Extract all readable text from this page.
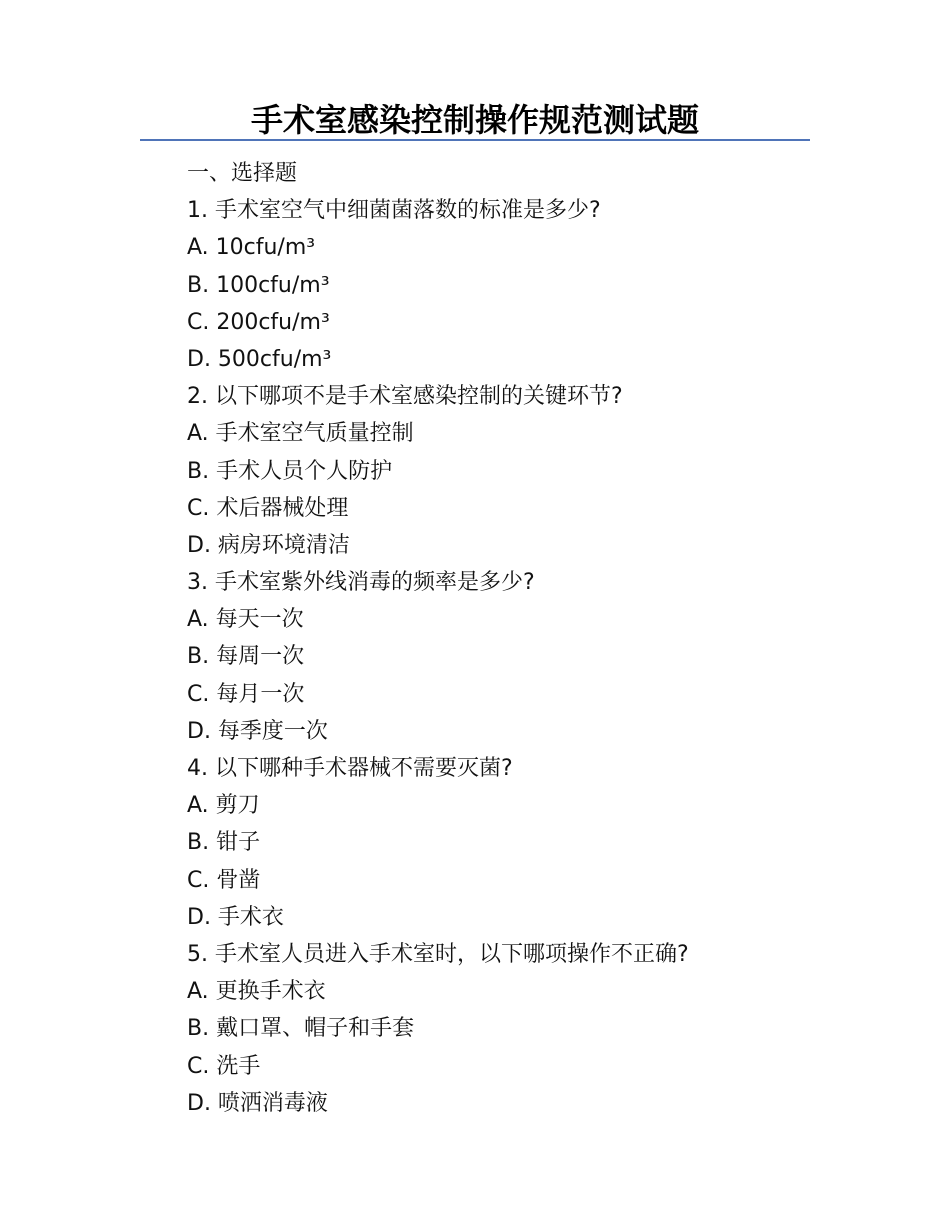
手术室感染控制操作规范测试题
一、选择题
1. 手术室空气中细菌菌落数的标准是多少?
A. 10cfu/m³
B. 100cfu/m³
C. 200cfu/m³
D. 500cfu/m³
2. 以下哪项不是手术室感染控制的关键环节?
A. 手术室空气质量控制
B. 手术人员个人防护
C. 术后器械处理
D. 病房环境清洁
3. 手术室紫外线消毒的频率是多少?
A. 每天一次
B. 每周一次
C. 每月一次
D. 每季度一次
4. 以下哪种手术器械不需要灭菌?
A. 剪刀
B. 钳子
C. 骨凿
D. 手术衣
5. 手术室人员进入手术室时，以下哪项操作不正确?
A. 更换手术衣
B. 戴口罩、帽子和手套
C. 洗手
D. 喷洒消毒液
